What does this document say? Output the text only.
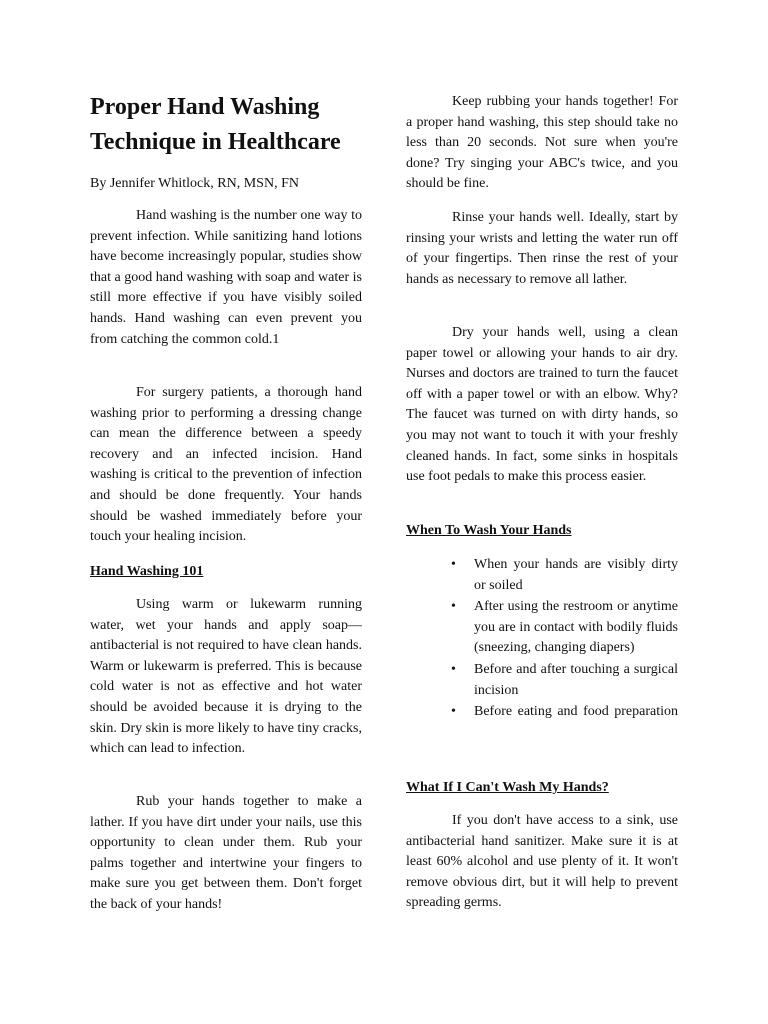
Proper Hand Washing Technique in Healthcare

By Jennifer Whitlock, RN, MSN, FN

Hand washing is the number one way to prevent infection. While sanitizing hand lotions have become increasingly popular, studies show that a good hand washing with soap and water is still more effective if you have visibly soiled hands. Hand washing can even prevent you from catching the common cold.1

For surgery patients, a thorough hand washing prior to performing a dressing change can mean the difference between a speedy recovery and an infected incision. Hand washing is critical to the prevention of infection and should be done frequently. Your hands should be washed immediately before your touch your healing incision.

Hand Washing 101

Using warm or lukewarm running water, wet your hands and apply soap—antibacterial is not required to have clean hands. Warm or lukewarm is preferred. This is because cold water is not as effective and hot water should be avoided because it is drying to the skin. Dry skin is more likely to have tiny cracks, which can lead to infection.

Rub your hands together to make a lather. If you have dirt under your nails, use this opportunity to clean under them. Rub your palms together and intertwine your fingers to make sure you get between them. Don't forget the back of your hands!

Keep rubbing your hands together! For a proper hand washing, this step should take no less than 20 seconds. Not sure when you're done? Try singing your ABC's twice, and you should be fine.

Rinse your hands well. Ideally, start by rinsing your wrists and letting the water run off of your fingertips. Then rinse the rest of your hands as necessary to remove all lather.

Dry your hands well, using a clean paper towel or allowing your hands to air dry. Nurses and doctors are trained to turn the faucet off with a paper towel or with an elbow. Why? The faucet was turned on with dirty hands, so you may not want to touch it with your freshly cleaned hands. In fact, some sinks in hospitals use foot pedals to make this process easier.

When To Wash Your Hands
• When your hands are visibly dirty or soiled
• After using the restroom or anytime you are in contact with bodily fluids (sneezing, changing diapers)
• Before and after touching a surgical incision
• Before eating and food preparation
What If I Can't Wash My Hands?

If you don't have access to a sink, use antibacterial hand sanitizer. Make sure it is at least 60% alcohol and use plenty of it. It won't remove obvious dirt, but it will help to prevent spreading germs.
